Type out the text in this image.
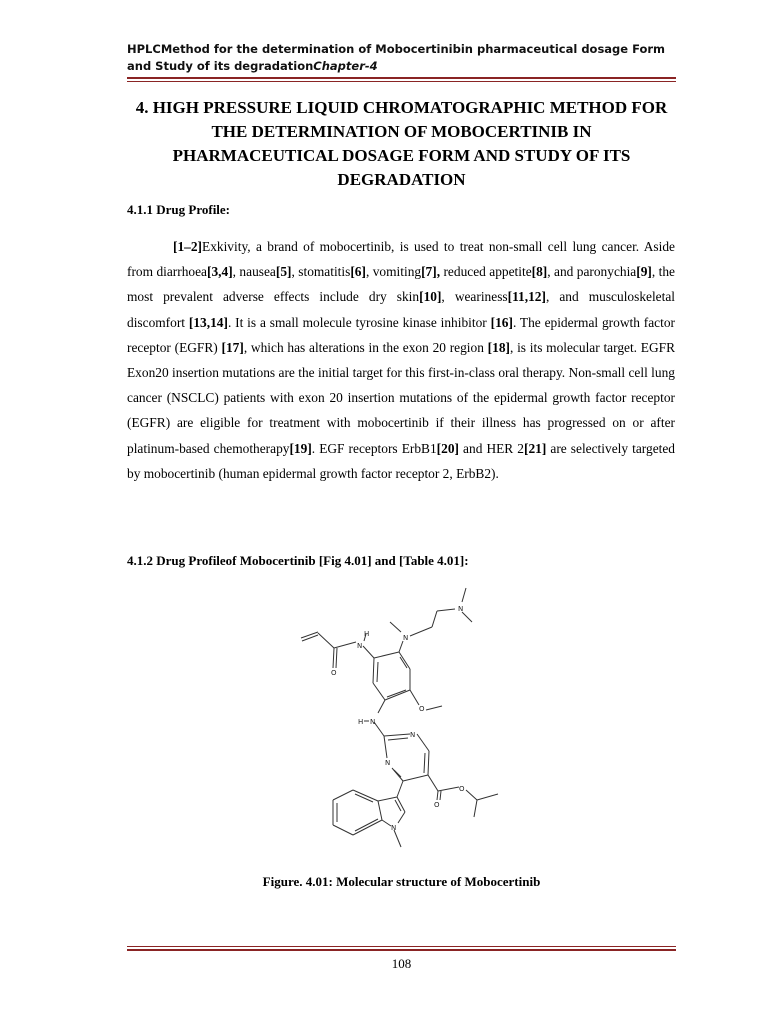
HPLCMethod for the determination of Mobocertinibin pharmaceutical dosage Form
and Study of its degradationChapter-4
4. HIGH PRESSURE LIQUID CHROMATOGRAPHIC METHOD FOR THE DETERMINATION OF MOBOCERTINIB IN PHARMACEUTICAL DOSAGE FORM AND STUDY OF ITS DEGRADATION
4.1.1 Drug Profile:

[1–2]Exkivity, a brand of mobocertinib, is used to treat non-small cell lung cancer. Aside from diarrhoea[3,4], nausea[5], stomatitis[6], vomiting[7], reduced appetite[8], and paronychia[9], the most prevalent adverse effects include dry skin[10], weariness[11,12], and musculoskeletal discomfort [13,14]. It is a small molecule tyrosine kinase inhibitor [16]. The epidermal growth factor receptor (EGFR) [17], which has alterations in the exon 20 region [18], is its molecular target. EGFR Exon20 insertion mutations are the initial target for this first-in-class oral therapy. Non-small cell lung cancer (NSCLC) patients with exon 20 insertion mutations of the epidermal growth factor receptor (EGFR) are eligible for treatment with mobocertinib if their illness has progressed on or after platinum-based chemotherapy[19]. EGF receptors ErbB1[20] and HER 2[21] are selectively targeted by mobocertinib (human epidermal growth factor receptor 2, ErbB2).

4.1.2 Drug Profileof Mobocertinib [Fig 4.01] and [Table 4.01]:
N
N
N
H
O
O
N
H
N
N
O
O
N

Figure. 4.01: Molecular structure of Mobocertinib

108
